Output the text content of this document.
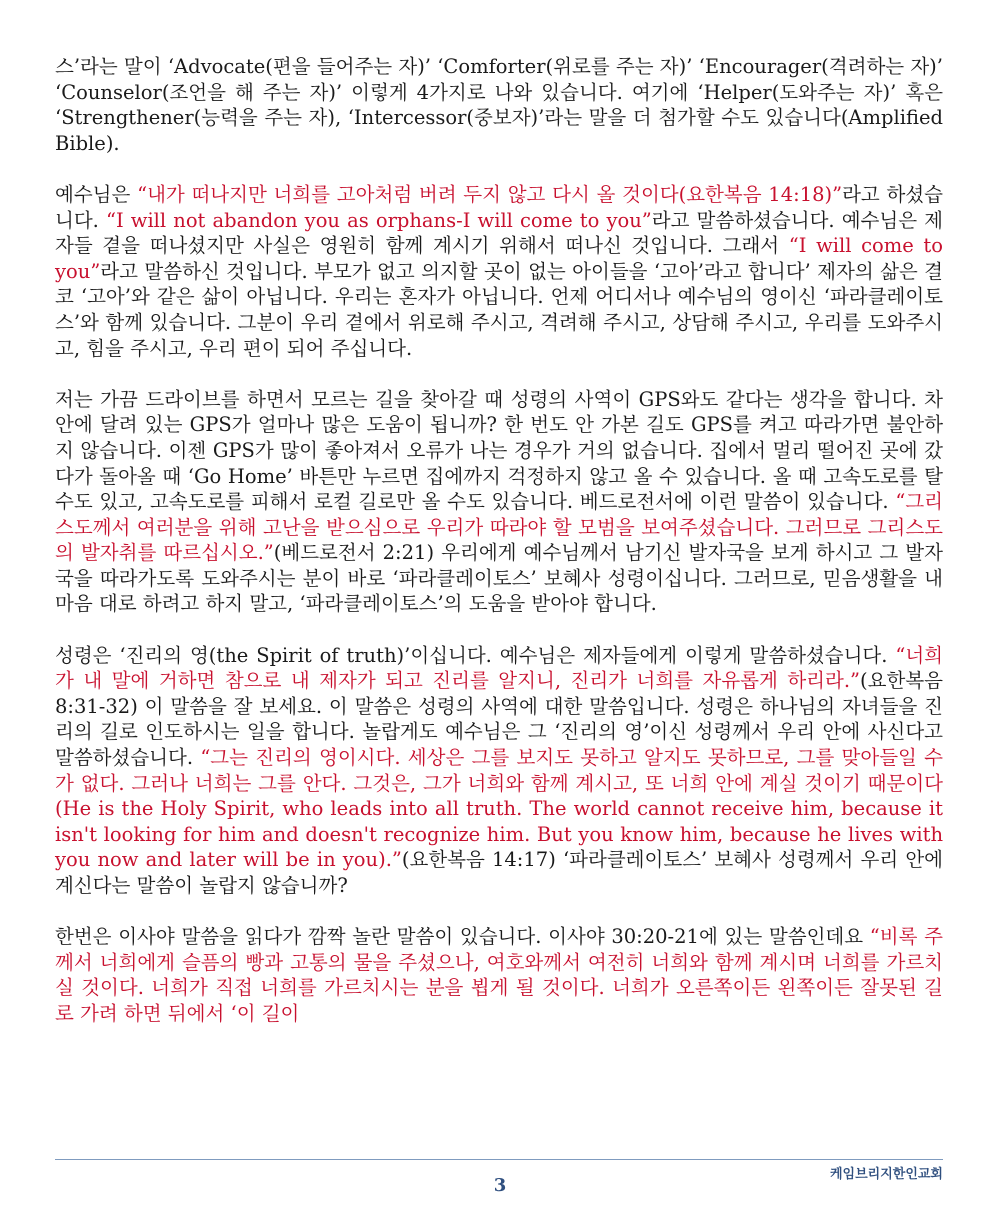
스’라는 말이 ‘Advocate(편을 들어주는 자)’ ‘Comforter(위로를 주는 자)’ ‘Encourager(격려하는 자)’ ‘Counselor(조언을 해 주는 자)’ 이렇게 4가지로 나와 있습니다. 여기에 ‘Helper(도와주는 자)’ 혹은 ‘Strengthener(능력을 주는 자), ‘Intercessor(중보자)’라는 말을 더 첨가할 수도 있습니다(Amplified Bible).

예수님은 “내가 떠나지만 너희를 고아처럼 버려 두지 않고 다시 올 것이다(요한복음 14:18)”라고 하셨습니다. “I will not abandon you as orphans-I will come to you”라고 말씀하셨습니다. 예수님은 제자들 곁을 떠나셨지만 사실은 영원히 함께 계시기 위해서 떠나신 것입니다. 그래서 “I will come to you”라고 말씀하신 것입니다. 부모가 없고 의지할 곳이 없는 아이들을 ‘고아’라고 합니다’ 제자의 삶은 결코 ‘고아’와 같은 삶이 아닙니다. 우리는 혼자가 아닙니다. 언제 어디서나 예수님의 영이신 ‘파라클레이토스’와 함께 있습니다. 그분이 우리 곁에서 위로해 주시고, 격려해 주시고, 상담해 주시고, 우리를 도와주시고, 힘을 주시고, 우리 편이 되어 주십니다.

저는 가끔 드라이브를 하면서 모르는 길을 찾아갈 때 성령의 사역이 GPS와도 같다는 생각을 합니다. 차 안에 달려 있는 GPS가 얼마나 많은 도움이 됩니까? 한 번도 안 가본 길도 GPS를 켜고 따라가면 불안하지 않습니다. 이젠 GPS가 많이 좋아져서 오류가 나는 경우가 거의 없습니다. 집에서 멀리 떨어진 곳에 갔다가 돌아올 때 ‘Go Home’ 바튼만 누르면 집에까지 걱정하지 않고 올 수 있습니다. 올 때 고속도로를 탈 수도 있고, 고속도로를 피해서 로컬 길로만 올 수도 있습니다. 베드로전서에 이런 말씀이 있습니다. “그리스도께서 여러분을 위해 고난을 받으심으로 우리가 따라야 할 모범을 보여주셨습니다. 그러므로 그리스도의 발자취를 따르십시오.”(베드로전서 2:21) 우리에게 예수님께서 남기신 발자국을 보게 하시고 그 발자국을 따라가도록 도와주시는 분이 바로 ‘파라클레이토스’ 보혜사 성령이십니다. 그러므로, 믿음생활을 내 마음 대로 하려고 하지 말고, ‘파라클레이토스’의 도움을 받아야 합니다.

성령은 ‘진리의 영(the Spirit of truth)’이십니다. 예수님은 제자들에게 이렇게 말씀하셨습니다. “너희가 내 말에 거하면 참으로 내 제자가 되고 진리를 알지니, 진리가 너희를 자유롭게 하리라.”(요한복음 8:31-32) 이 말씀을 잘 보세요. 이 말씀은 성령의 사역에 대한 말씀입니다. 성령은 하나님의 자녀들을 진리의 길로 인도하시는 일을 합니다. 놀랍게도 예수님은 그 ‘진리의 영’이신 성령께서 우리 안에 사신다고 말씀하셨습니다. “그는 진리의 영이시다. 세상은 그를 보지도 못하고 알지도 못하므로, 그를 맞아들일 수가 없다. 그러나 너희는 그를 안다. 그것은, 그가 너희와 함께 계시고, 또 너희 안에 계실 것이기 때문이다(He is the Holy Spirit, who leads into all truth. The world cannot receive him, because it isn't looking for him and doesn't recognize him. But you know him, because he lives with you now and later will be in you).”(요한복음 14:17) ‘파라클레이토스’ 보혜사 성령께서 우리 안에 계신다는 말씀이 놀랍지 않습니까?

한번은 이사야 말씀을 읽다가 깜짝 놀란 말씀이 있습니다. 이사야 30:20-21에 있는 말씀인데요 “비록 주께서 너희에게 슬픔의 빵과 고통의 물을 주셨으나, 여호와께서 여전히 너희와 함께 계시며 너희를 가르치실 것이다. 너희가 직접 너희를 가르치시는 분을 뵙게 될 것이다. 너희가 오른쪽이든 왼쪽이든 잘못된 길로 가려 하면 뒤에서 ‘이 길이

케임브리지한인교회
3
